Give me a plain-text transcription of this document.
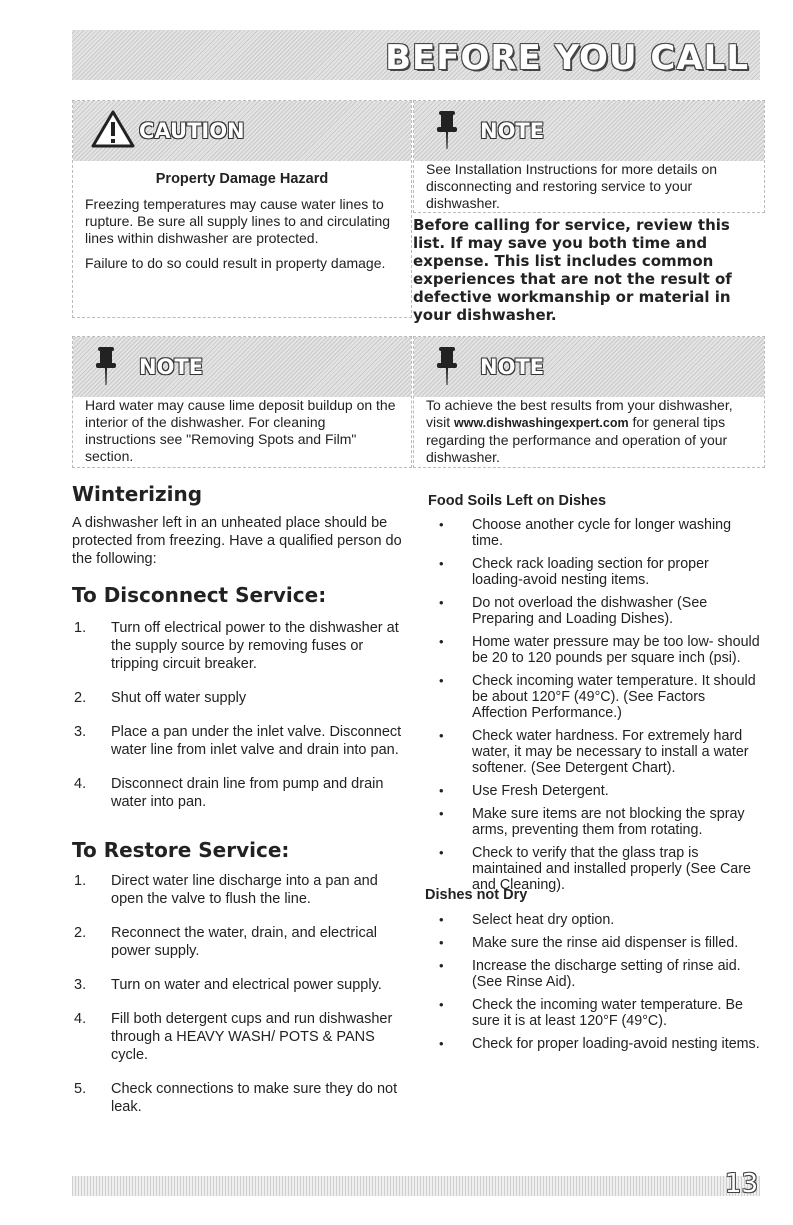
BEFORE YOU CALL
CAUTION
Property Damage Hazard

Freezing temperatures may cause water lines to rupture. Be sure all supply lines to and circulating lines within dishwasher are protected.

Failure to do so could result in property damage.

NOTE

See Installation Instructions for more details on disconnecting and restoring service to your dishwasher.

Before calling for service, review this list. If may save you both time and expense. This list includes common experiences that are not the result of defective workmanship or material in your dishwasher.
NOTE

Hard water may cause lime deposit buildup on the interior of the dishwasher. For cleaning instructions see "Removing Spots and Film" section.

NOTE

To achieve the best results from your dishwasher, visit www.dishwashingexpert.com for general tips regarding the performance and operation of your dishwasher.

Winterizing
A dishwasher left in an unheated place should be protected from freezing. Have a qualified person do the following:
To Disconnect Service:
1. Turn off electrical power to the dishwasher at the supply source by removing fuses or tripping circuit breaker.
2. Shut off water supply
3. Place a pan under the inlet valve. Disconnect water line from inlet valve and drain into pan.
4. Disconnect drain line from pump and drain water into pan.
To Restore Service:
1. Direct water line discharge into a pan and open the valve to flush the line.
2. Reconnect the water, drain, and electrical power supply.
3. Turn on water and electrical power supply.
4. Fill both detergent cups and run dishwasher through a HEAVY WASH/ POTS & PANS cycle.
5. Check connections to make sure they do not leak.
Food Soils Left on Dishes
• Choose another cycle for longer washing time.
• Check rack loading section for proper loading-avoid nesting items.
• Do not overload the dishwasher (See Preparing and Loading Dishes).
• Home water pressure may be too low- should be 20 to 120 pounds per square inch (psi).
• Check incoming water temperature. It should be about 120°F (49°C). (See Factors Affection Performance.)
• Check water hardness. For extremely hard water, it may be necessary to install a water softener. (See Detergent Chart).
• Use Fresh Detergent.
• Make sure items are not blocking the spray arms, preventing them from rotating.
• Check to verify that the glass trap is maintained and installed properly (See Care and Cleaning).
Dishes not Dry
• Select heat dry option.
• Make sure the rinse aid dispenser is filled.
• Increase the discharge setting of rinse aid. (See Rinse Aid).
• Check the incoming water temperature. Be sure it is at least 120°F (49°C).
• Check for proper loading-avoid nesting items.
13
